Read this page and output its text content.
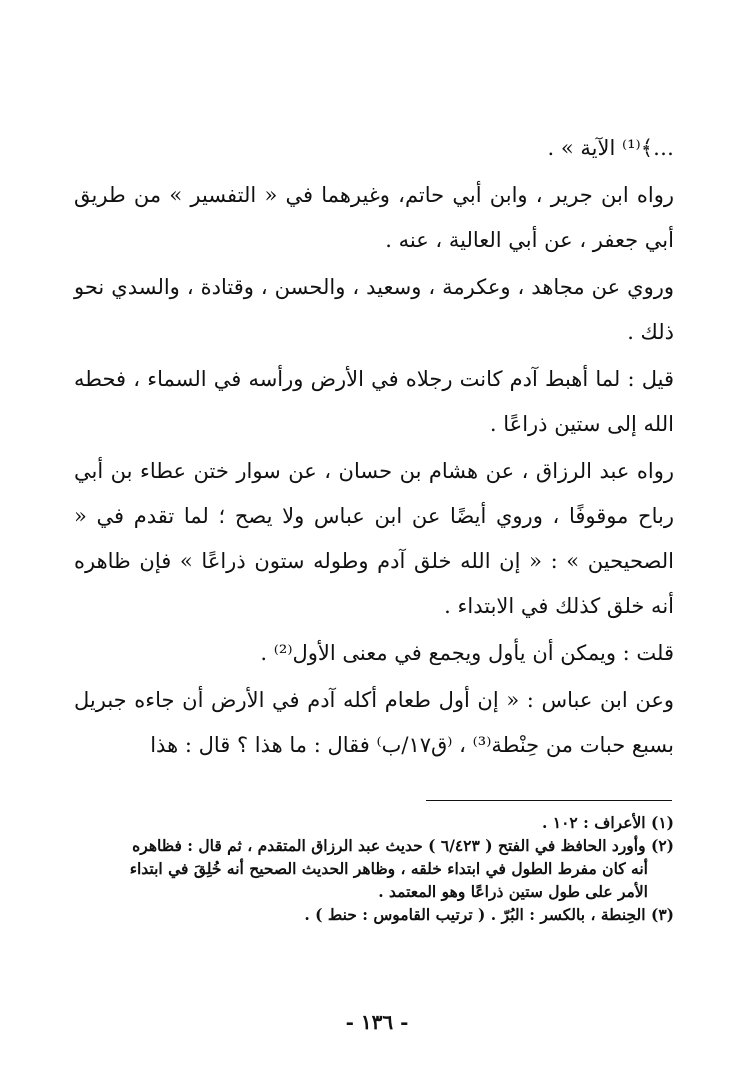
…﴾⁽¹⁾ الآية » .

رواه ابن جرير ، وابن أبي حاتم، وغيرهما في « التفسير » من طريق أبي جعفر ، عن أبي العالية ، عنه .

وروي عن مجاهد ، وعكرمة ، وسعيد ، والحسن ، وقتادة ، والسدي نحو ذلك .

قيل : لما أهبط آدم كانت رجلاه في الأرض ورأسه في السماء ، فحطه الله إلى ستين ذراعًا .

رواه عبد الرزاق ، عن هشام بن حسان ، عن سوار ختن عطاء بن أبي رباح موقوفًا ، وروي أيضًا عن ابن عباس ولا يصح ؛ لما تقدم في « الصحيحين » : « إن الله خلق آدم وطوله ستون ذراعًا » فإن ظاهره أنه خلق كذلك في الابتداء .

قلت : ويمكن أن يأول ويجمع في معنى الأول⁽²⁾ .

وعن ابن عباس : « إن أول طعام أكله آدم في الأرض أن جاءه جبريل بسبع حبات من حِنْطة⁽³⁾ ، ⁽ق١٧/ب⁾ فقال : ما هذا ؟ قال : هذا

(١) الأعراف : ١٠٢ .

(٢) وأورد الحافظ في الفتح ( ٦/٤٢٣ ) حديث عبد الرزاق المتقدم ، ثم قال : فظاهره

أنه كان مفرط الطول في ابتداء خلقه ، وظاهر الحديث الصحيح أنه خُلِقَ في ابتداء

الأمر على طول ستين ذراعًا وهو المعتمد .

(٣) الحِنطة ، بالكسر : البُرّ . ( ترتيب القاموس : حنط ) .

- ١٣٦ -
